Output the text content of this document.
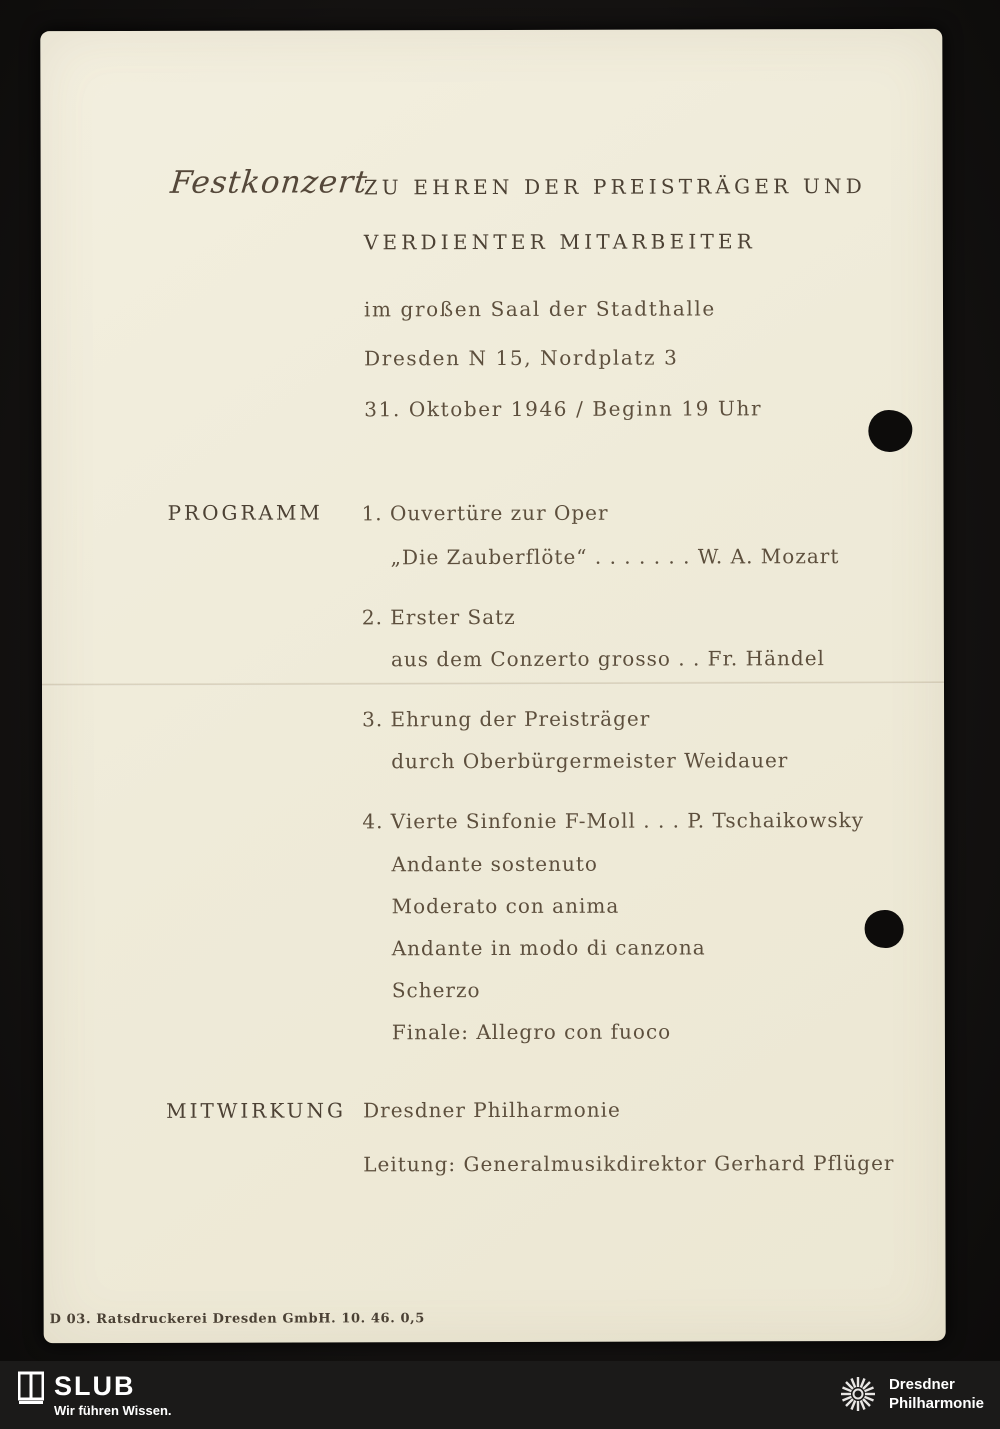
Festkonzert
ZU EHREN DER PREISTRÄGER UND
VERDIENTER MITARBEITER
im großen Saal der Stadthalle
Dresden N 15, Nordplatz 3
31. Oktober 1946 / Beginn 19 Uhr
PROGRAMM 1. Ouvertüre zur Oper
„Die Zauberflöte“ . . . . . . . W. A. Mozart
2. Erster Satz
aus dem Conzerto grosso . . Fr. Händel
3. Ehrung der Preisträger
durch Oberbürgermeister Weidauer
4. Vierte Sinfonie F-Moll . . . P. Tschaikowsky
Andante sostenuto
Moderato con anima
Andante in modo di canzona
Scherzo
Finale: Allegro con fuoco
MITWIRKUNG Dresdner Philharmonie
Leitung: Generalmusikdirektor Gerhard Pflüger
D 03. Ratsdruckerei Dresden GmbH. 10. 46. 0,5
SLUB
Wir führen Wissen.
Dresdner
Philharmonie
